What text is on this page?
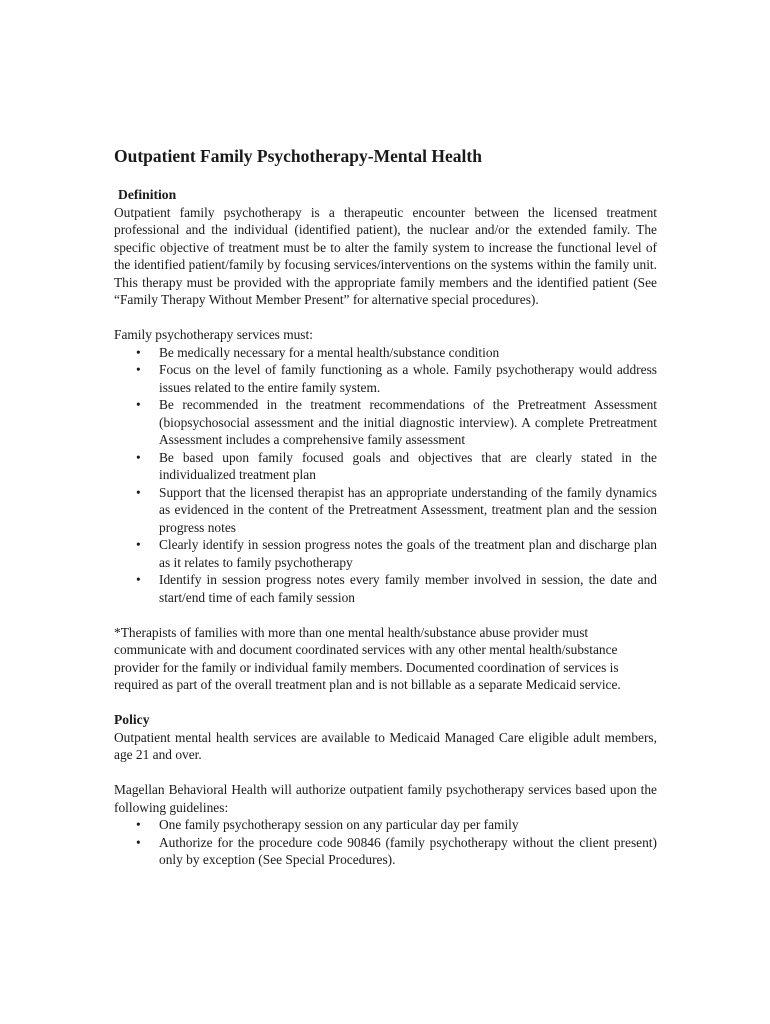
Outpatient Family Psychotherapy-Mental Health
Definition

Outpatient family psychotherapy is a therapeutic encounter between the licensed treatment professional and the individual (identified patient), the nuclear and/or the extended family. The specific objective of treatment must be to alter the family system to increase the functional level of the identified patient/family by focusing services/interventions on the systems within the family unit. This therapy must be provided with the appropriate family members and the identified patient (See “Family Therapy Without Member Present” for alternative special procedures).

Family psychotherapy services must:

• Be medically necessary for a mental health/substance condition
• Focus on the level of family functioning as a whole. Family psychotherapy would address issues related to the entire family system.
• Be recommended in the treatment recommendations of the Pretreatment Assessment (biopsychosocial assessment and the initial diagnostic interview). A complete Pretreatment Assessment includes a comprehensive family assessment
• Be based upon family focused goals and objectives that are clearly stated in the individualized treatment plan
• Support that the licensed therapist has an appropriate understanding of the family dynamics as evidenced in the content of the Pretreatment Assessment, treatment plan and the session progress notes
• Clearly identify in session progress notes the goals of the treatment plan and discharge plan as it relates to family psychotherapy
• Identify in session progress notes every family member involved in session, the date and start/end time of each family session

*Therapists of families with more than one mental health/substance abuse provider must communicate with and document coordinated services with any other mental health/substance provider for the family or individual family members. Documented coordination of services is required as part of the overall treatment plan and is not billable as a separate Medicaid service.

Policy

Outpatient mental health services are available to Medicaid Managed Care eligible adult members, age 21 and over.

Magellan Behavioral Health will authorize outpatient family psychotherapy services based upon the following guidelines:

• One family psychotherapy session on any particular day per family
• Authorize for the procedure code 90846 (family psychotherapy without the client present) only by exception (See Special Procedures).
